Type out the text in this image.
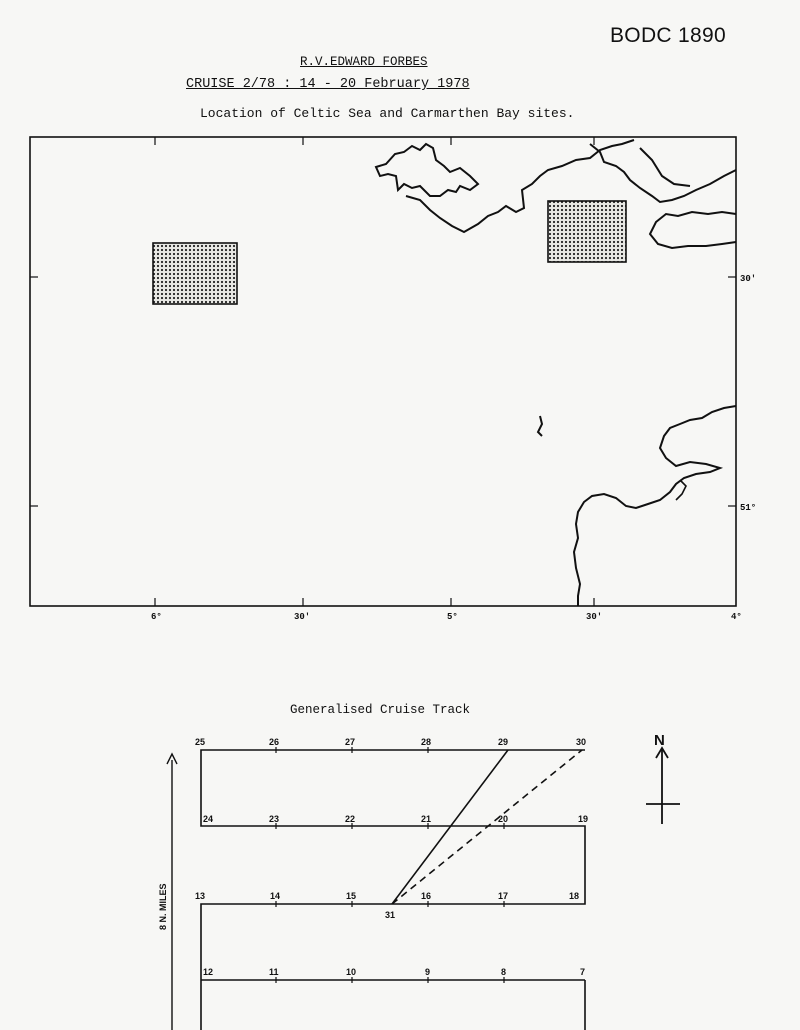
BODC 1890
R.V.EDWARD FORBES
CRUISE 2/78 : 14 - 20 February 1978
Location of Celtic Sea and Carmarthen Bay sites.
6°	30'	5°	30'	4°
30'
51°
8 N. MILES
25	26	27	28	29	30
24	23	22	21	20	19
13	14	15	16	17	18
31
12	11	10	9	8	7
N
Generalised Cruise Track
